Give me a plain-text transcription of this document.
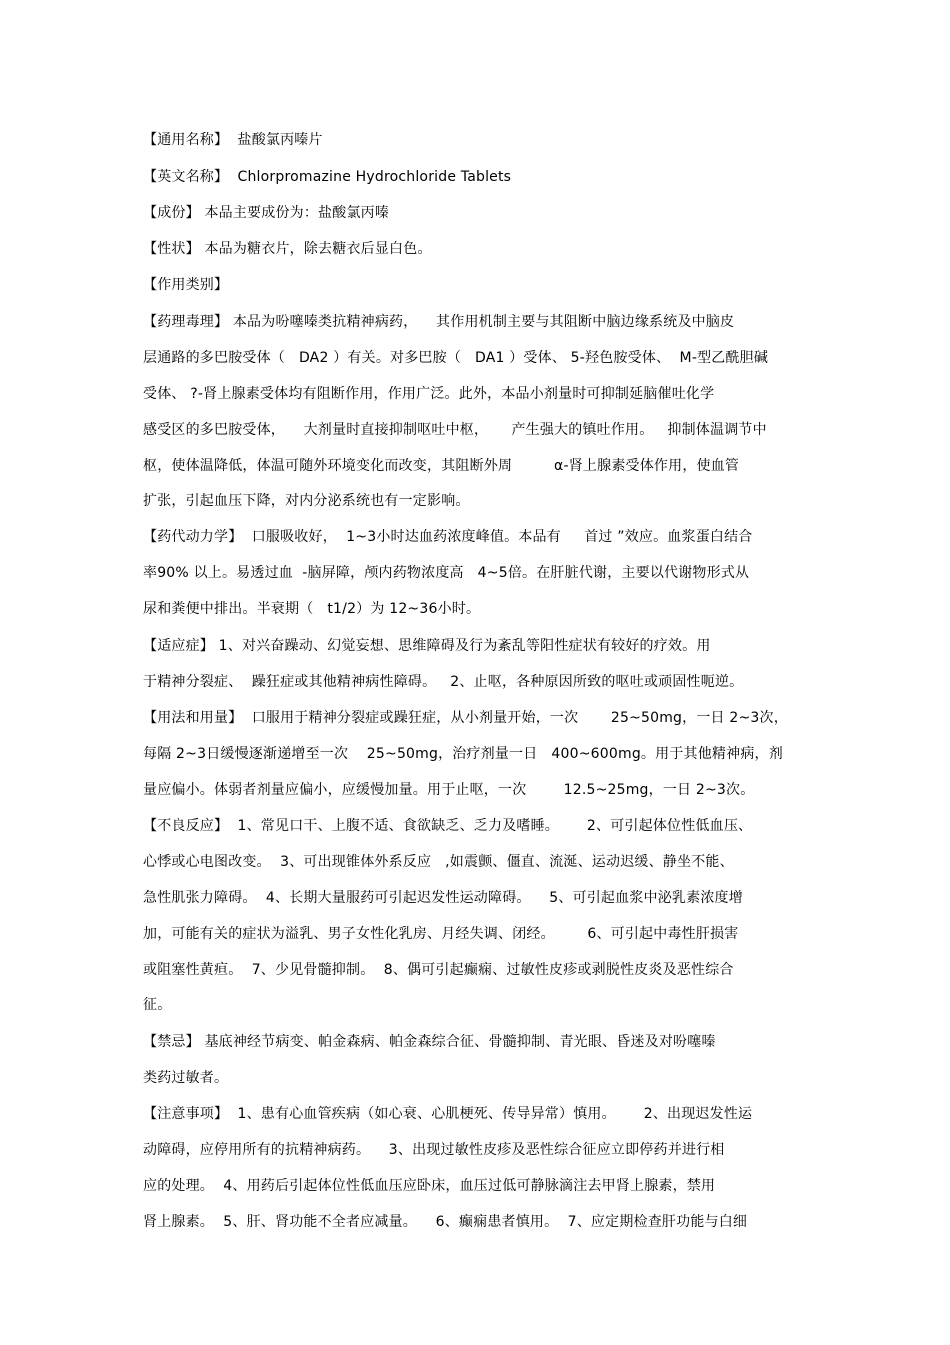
【通用名称】  盐酸氯丙嗪片
【英文名称】  Chlorpromazine Hydrochloride Tablets
【成份】 本品主要成份为：盐酸氯丙嗪
【性状】 本品为糖衣片，除去糖衣后显白色。
【作用类别】
【药理毒理】 本品为吩噻嗪类抗精神病药，    其作用机制主要与其阻断中脑边缘系统及中脑皮
层通路的多巴胺受体（   DA2 ）有关。对多巴胺（   DA1 ）受体、 5-羟色胺受体、  M-型乙酰胆碱
受体、 ?-肾上腺素受体均有阻断作用，作用广泛。此外，本品小剂量时可抑制延脑催吐化学
感受区的多巴胺受体，    大剂量时直接抑制呕吐中枢，     产生强大的镇吐作用。   抑制体温调节中
枢，使体温降低，体温可随外环境变化而改变，其阻断外周         α-肾上腺素受体作用，使血管
扩张，引起血压下降，对内分泌系统也有一定影响。
【药代动力学】  口服吸收好，  1~3小时达血药浓度峰值。本品有     首过 ”效应。血浆蛋白结合
率90% 以上。易透过血  -脑屏障，颅内药物浓度高   4~5倍。在肝脏代谢，主要以代谢物形式从
尿和粪便中排出。半衰期（   t1/2）为 12~36小时。
【适应症】 1、对兴奋躁动、幻觉妄想、思维障碍及行为紊乱等阳性症状有较好的疗效。用
于精神分裂症、  躁狂症或其他精神病性障碍。   2、止呕，各种原因所致的呕吐或顽固性呃逆。
【用法和用量】  口服用于精神分裂症或躁狂症，从小剂量开始，一次       25~50mg，一日 2~3次，
每隔 2~3日缓慢逐渐递增至一次    25~50mg，治疗剂量一日   400~600mg。用于其他精神病，剂
量应偏小。体弱者剂量应偏小，应缓慢加量。用于止呕，一次        12.5~25mg，一日 2~3次。
【不良反应】  1、常见口干、上腹不适、食欲缺乏、乏力及嗜睡。      2、可引起体位性低血压、
心悸或心电图改变。  3、可出现锥体外系反应   ,如震颤、僵直、流涎、运动迟缓、静坐不能、
急性肌张力障碍。  4、长期大量服药可引起迟发性运动障碍。    5、可引起血浆中泌乳素浓度增
加，可能有关的症状为溢乳、男子女性化乳房、月经失调、闭经。       6、可引起中毒性肝损害
或阻塞性黄疸。  7、少见骨髓抑制。  8、偶可引起癫痫、过敏性皮疹或剥脱性皮炎及恶性综合
征。
【禁忌】 基底神经节病变、帕金森病、帕金森综合征、骨髓抑制、青光眼、昏迷及对吩噻嗪
类药过敏者。
【注意事项】  1、患有心血管疾病（如心衰、心肌梗死、传导异常）慎用。      2、出现迟发性运
动障碍，应停用所有的抗精神病药。    3、出现过敏性皮疹及恶性综合征应立即停药并进行相
应的处理。  4、用药后引起体位性低血压应卧床，血压过低可静脉滴注去甲肾上腺素，禁用
肾上腺素。  5、肝、肾功能不全者应减量。    6、癫痫患者慎用。  7、应定期检查肝功能与白细
